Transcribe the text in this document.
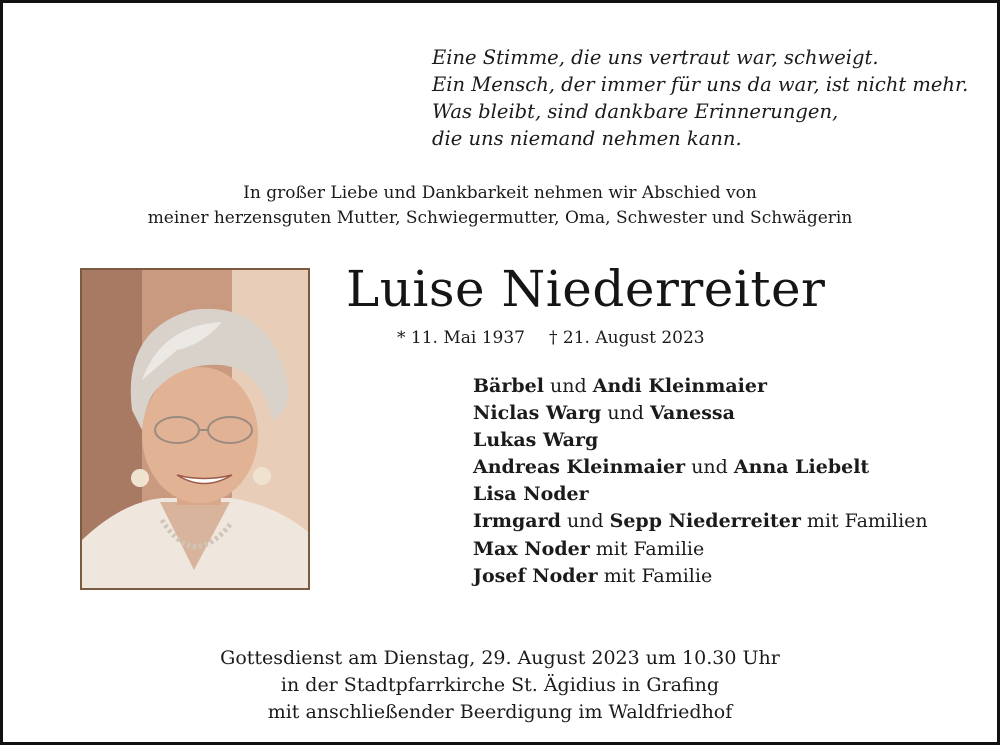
Eine Stimme, die uns vertraut war, schweigt.
Ein Mensch, der immer für uns da war, ist nicht mehr.
Was bleibt, sind dankbare Erinnerungen,
die uns niemand nehmen kann.
In großer Liebe und Dankbarkeit nehmen wir Abschied von
meiner herzensguten Mutter, Schwiegermutter, Oma, Schwester und Schwägerin
Luise Niederreiter
* 11. Mai 1937 † 21. August 2023
Bärbel und Andi Kleinmaier
Niclas Warg und Vanessa
Lukas Warg
Andreas Kleinmaier und Anna Liebelt
Lisa Noder
Irmgard und Sepp Niederreiter mit Familien
Max Noder mit Familie
Josef Noder mit Familie
Gottesdienst am Dienstag, 29. August 2023 um 10.30 Uhr
in der Stadtpfarrkirche St. Ägidius in Grafing
mit anschließender Beerdigung im Waldfriedhof
